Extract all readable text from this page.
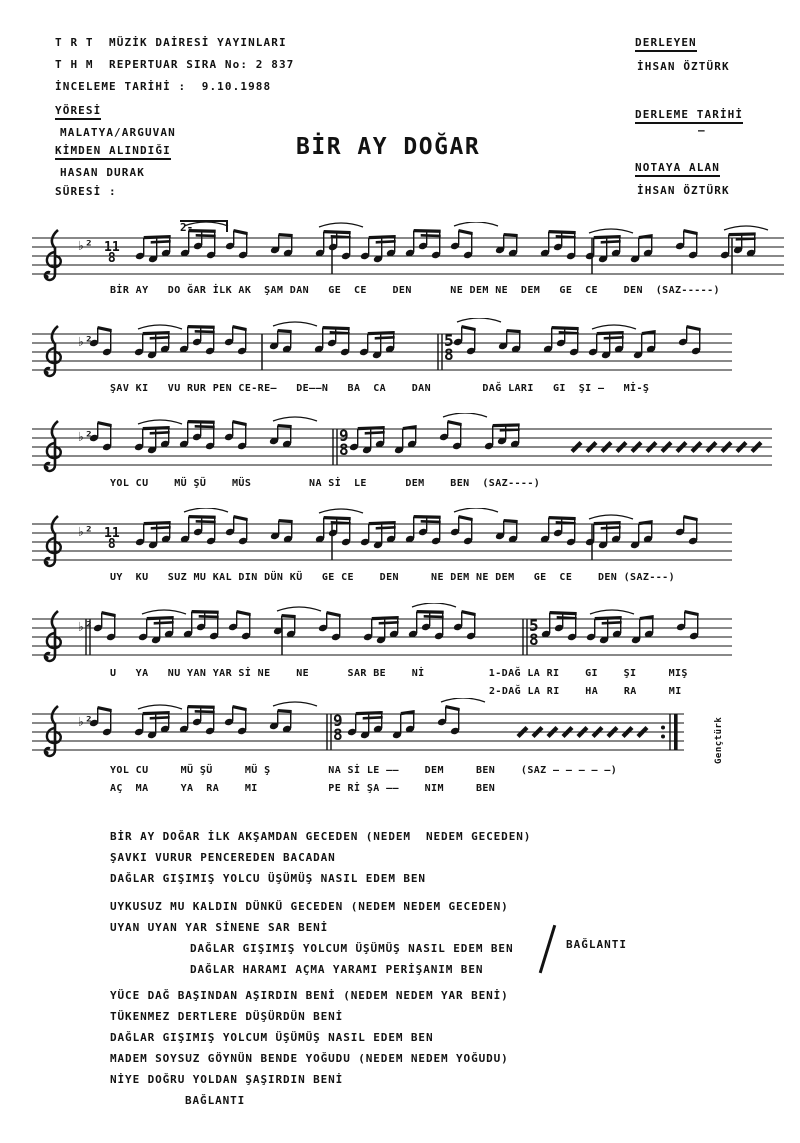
T R T  MÜZİK DAİRESİ YAYINLARI
T H M  REPERTUAR SIRA No: 2 837
İNCELEME TARİHİ :  9.10.1988
YÖRESİ
MALATYA/ARGUVAN
KİMDEN ALINDIĞI
HASAN DURAK
SÜRESİ :
DERLEYEN
İHSAN ÖZTÜRK
DERLEME TARİHİ
—
NOTAYA ALAN
İHSAN ÖZTÜRK
BİR AY DOĞAR
♭² 11
8
2-
BİR AY   DO ĞAR İLK AK  ŞAM DAN   GE  CE    DEN      NE DEM NE  DEM   GE  CE    DEN  (SAZ-----)
♭²	5
8
ŞAV KI   VU RUR PEN CE-RE—   DE——N   BA  CA    DAN        DAĞ LARI   GI  ŞI —   Mİ-Ş
♭²	9
8
YOL CU    MÜ ŞÜ    MÜS         NA Sİ  LE      DEM    BEN  (SAZ----)
♭² 11
8
UY  KU   SUZ MU KAL DIN DÜN KÜ   GE CE    DEN     NE DEM NE DEM   GE  CE    DEN (SAZ---)
♭²	5
8
U   YA   NU YAN YAR Sİ NE    NE      SAR BE    Nİ          1-DAĞ LA RI    GI    ŞI     MIŞ
2-DAĞ LA RI    HA    RA     MI
♭²	9
8
YOL CU     MÜ ŞÜ     MÜ Ş         NA Sİ LE ——    DEM     BEN    (SAZ — — — — —)
AÇ  MA     YA  RA    MI           PE Rİ ŞA ——    NIM     BEN
Gençtürk
BİR AY DOĞAR İLK AKŞAMDAN GECEDEN (NEDEM  NEDEM GECEDEN)
ŞAVKI VURUR PENCEREDEN BACADAN
DAĞLAR GIŞIMIŞ YOLCU ÜŞÜMÜŞ NASIL EDEM BEN
UYKUSUZ MU KALDIN DÜNKÜ GECEDEN (NEDEM NEDEM GECEDEN)
UYAN UYAN YAR SİNENE SAR BENİ
DAĞLAR GIŞIMIŞ YOLCUM ÜŞÜMÜŞ NASIL EDEM BEN
DAĞLAR HARAMI AÇMA YARAMI PERİŞANIM BEN
BAĞLANTI
YÜCE DAĞ BAŞINDAN AŞIRDIN BENİ (NEDEM NEDEM YAR BENİ)
TÜKENMEZ DERTLERE DÜŞÜRDÜN BENİ
DAĞLAR GIŞIMIŞ YOLCUM ÜŞÜMÜŞ NASIL EDEM BEN
MADEM SOYSUZ GÖYNÜN BENDE YOĞUDU (NEDEM NEDEM YOĞUDU)
NİYE DOĞRU YOLDAN ŞAŞIRDIN BENİ
BAĞLANTI
